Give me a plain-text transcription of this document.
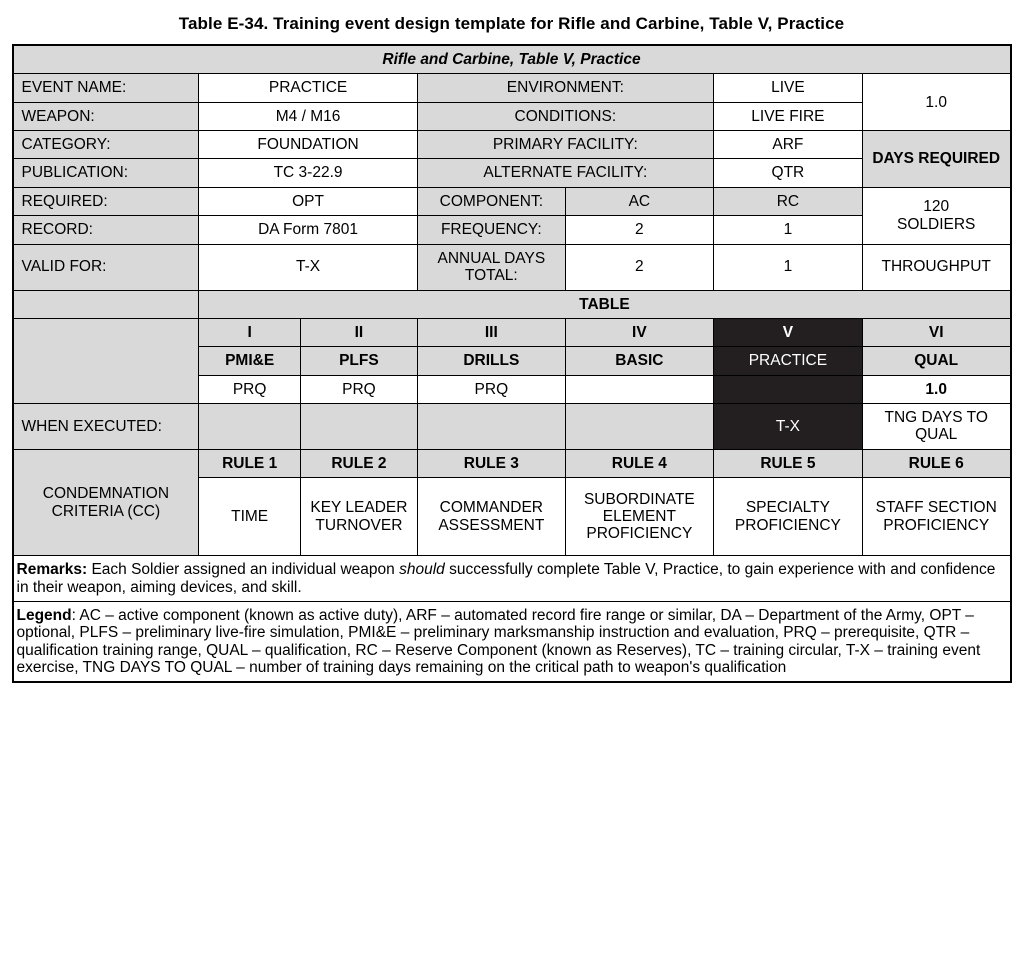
Table E-34. Training event design template for Rifle and Carbine, Table V, Practice
Rifle and Carbine, Table V, Practice						
EVENT NAME:	PRACTICE		ENVIRONMENT:		LIVE	1.0
WEAPON:	M4 / M16		CONDITIONS:		LIVE FIRE	
CATEGORY:	FOUNDATION		PRIMARY FACILITY:		ARF	DAYS REQUIRED
PUBLICATION:	TC 3-22.9		ALTERNATE FACILITY:		QTR	
REQUIRED:	OPT		COMPONENT:	AC	RC	120
SOLDIERS

RECORD:	DA Form 7801		FREQUENCY:	2	1	
VALID FOR:	T-X		ANNUAL DAYS TOTAL:	2	1	THROUGHPUT
	TABLE					
	I	II	III	IV	V	VI
	PMI&E	PLFS	DRILLS	BASIC	PRACTICE	QUAL
	PRQ	PRQ	PRQ			1.0
WHEN EXECUTED:					T-X	TNG DAYS TO QUAL
CONDEMNATION CRITERIA (CC)	RULE 1	RULE 2	RULE 3	RULE 4	RULE 5	RULE 6
	TIME	KEY LEADER TURNOVER	COMMANDER ASSESSMENT	SUBORDINATE ELEMENT PROFICIENCY	SPECIALTY PROFICIENCY	STAFF SECTION PROFICIENCY
Remarks: Each Soldier assigned an individual weapon should successfully complete Table V, Practice, to gain experience with and confidence in their weapon, aiming devices, and skill.						
Legend: AC – active component (known as active duty), ARF – automated record fire range or similar, DA – Department of the Army, OPT – optional, PLFS – preliminary live-fire simulation, PMI&E – preliminary marksmanship instruction and evaluation, PRQ – prerequisite, QTR – qualification training range, QUAL – qualification, RC – Reserve Component (known as Reserves), TC – training circular, T-X – training event exercise, TNG DAYS TO QUAL – number of training days remaining on the critical path to weapon's qualification						
